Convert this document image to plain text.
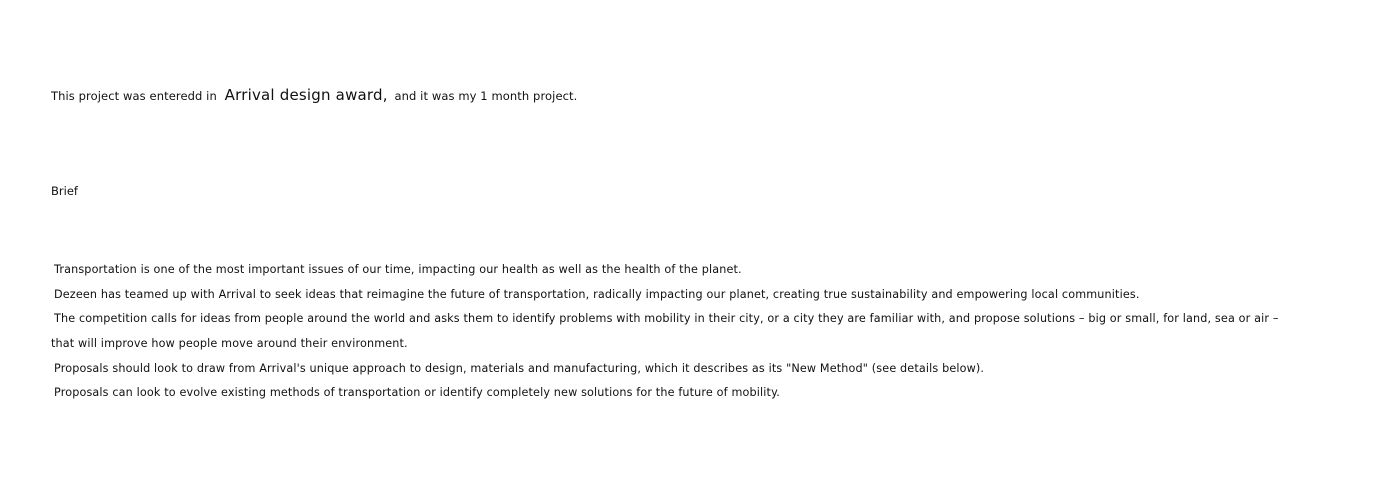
This project was enteredd in Arrival design award, and it was my 1 month project.
Brief
Transportation is one of the most important issues of our time, impacting our health as well as the health of the planet.
Dezeen has teamed up with Arrival to seek ideas that reimagine the future of transportation, radically impacting our planet, creating true sustainability and empowering local communities.
The competition calls for ideas from people around the world and asks them to identify problems with mobility in their city, or a city they are familiar with, and propose solutions – big or small, for land, sea or air –
that will improve how people move around their environment.
Proposals should look to draw from Arrival's unique approach to design, materials and manufacturing, which it describes as its "New Method" (see details below).
Proposals can look to evolve existing methods of transportation or identify completely new solutions for the future of mobility.
